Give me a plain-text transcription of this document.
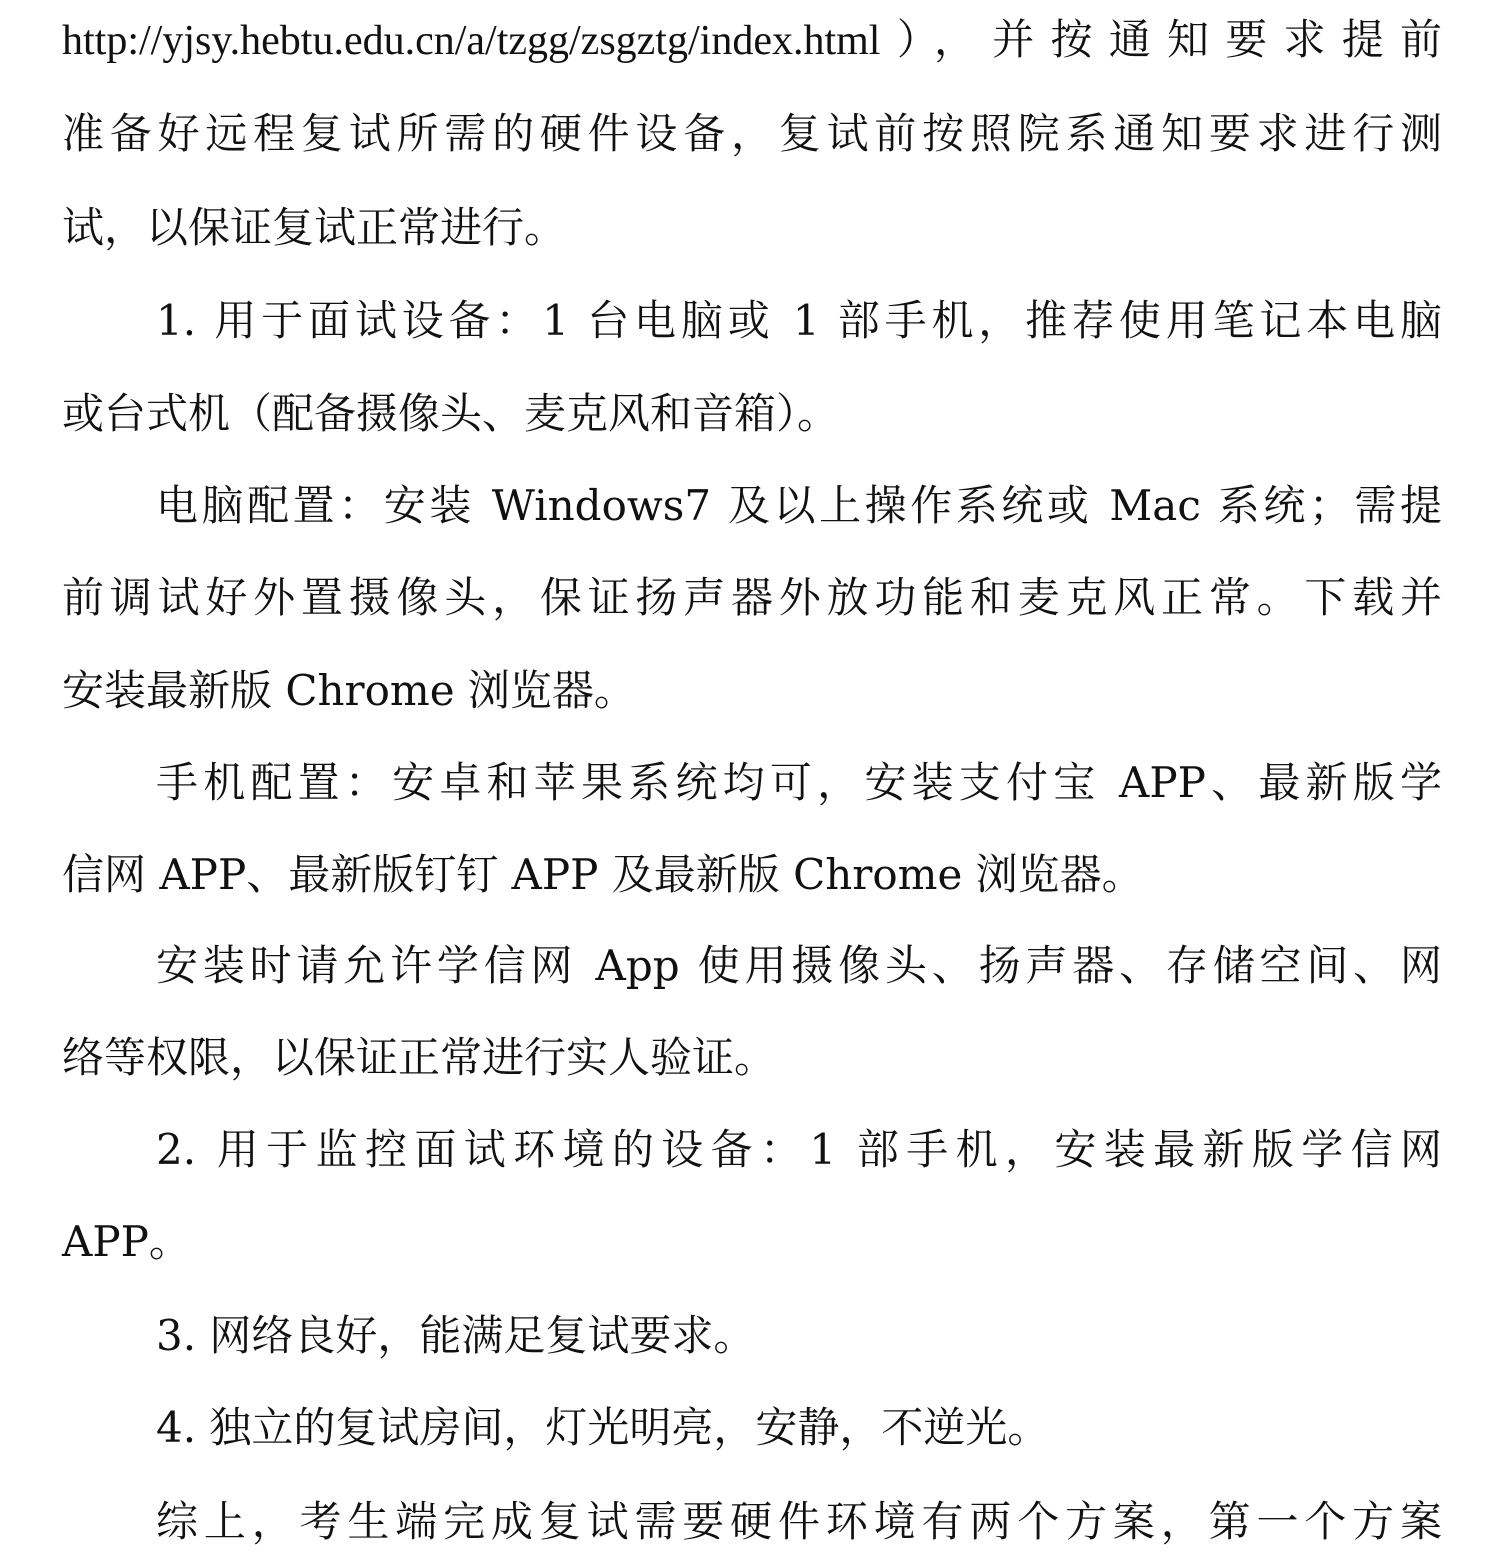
http://yjsy.hebtu.edu.cn/a/tzgg/zsgztg/index.html），并按通知要求提前
准备好远程复试所需的硬件设备，复试前按照院系通知要求进行测
试，以保证复试正常进行。
1. 用于面试设备：1 台电脑或 1 部手机，推荐使用笔记本电脑
或台式机（配备摄像头、麦克风和音箱）。
电脑配置：安装 Windows7 及以上操作系统或 Mac 系统；需提
前调试好外置摄像头，保证扬声器外放功能和麦克风正常。下载并
安装最新版 Chrome 浏览器。
手机配置：安卓和苹果系统均可，安装支付宝 APP、最新版学
信网 APP、最新版钉钉 APP 及最新版 Chrome 浏览器。
安装时请允许学信网 App 使用摄像头、扬声器、存储空间、网
络等权限，以保证正常进行实人验证。
2. 用于监控面试环境的设备：1 部手机，安装最新版学信网
APP。
3. 网络良好，能满足复试要求。
4. 独立的复试房间，灯光明亮，安静，不逆光。
综上，考生端完成复试需要硬件环境有两个方案，第一个方案
